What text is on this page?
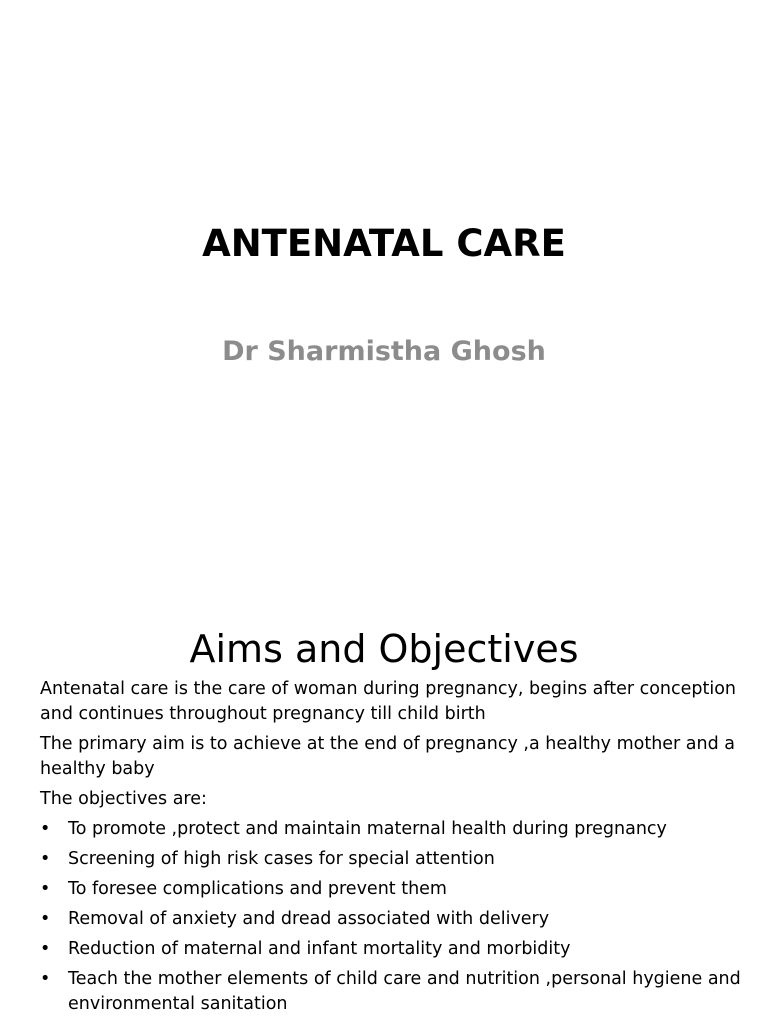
ANTENATAL CARE

Dr Sharmistha Ghosh

Aims and Objectives

Antenatal care is the care of woman during pregnancy, begins after conception and continues throughout pregnancy till child birth

The primary aim is to achieve at the end of pregnancy ,a healthy mother and a healthy baby

The objectives are:

• To promote ,protect and maintain maternal health during pregnancy
• Screening of high risk cases for special attention
• To foresee complications and prevent them
• Removal of anxiety and dread associated with delivery
• Reduction of maternal and infant mortality and morbidity
• Teach the mother elements of child care and nutrition ,personal hygiene and environmental sanitation
